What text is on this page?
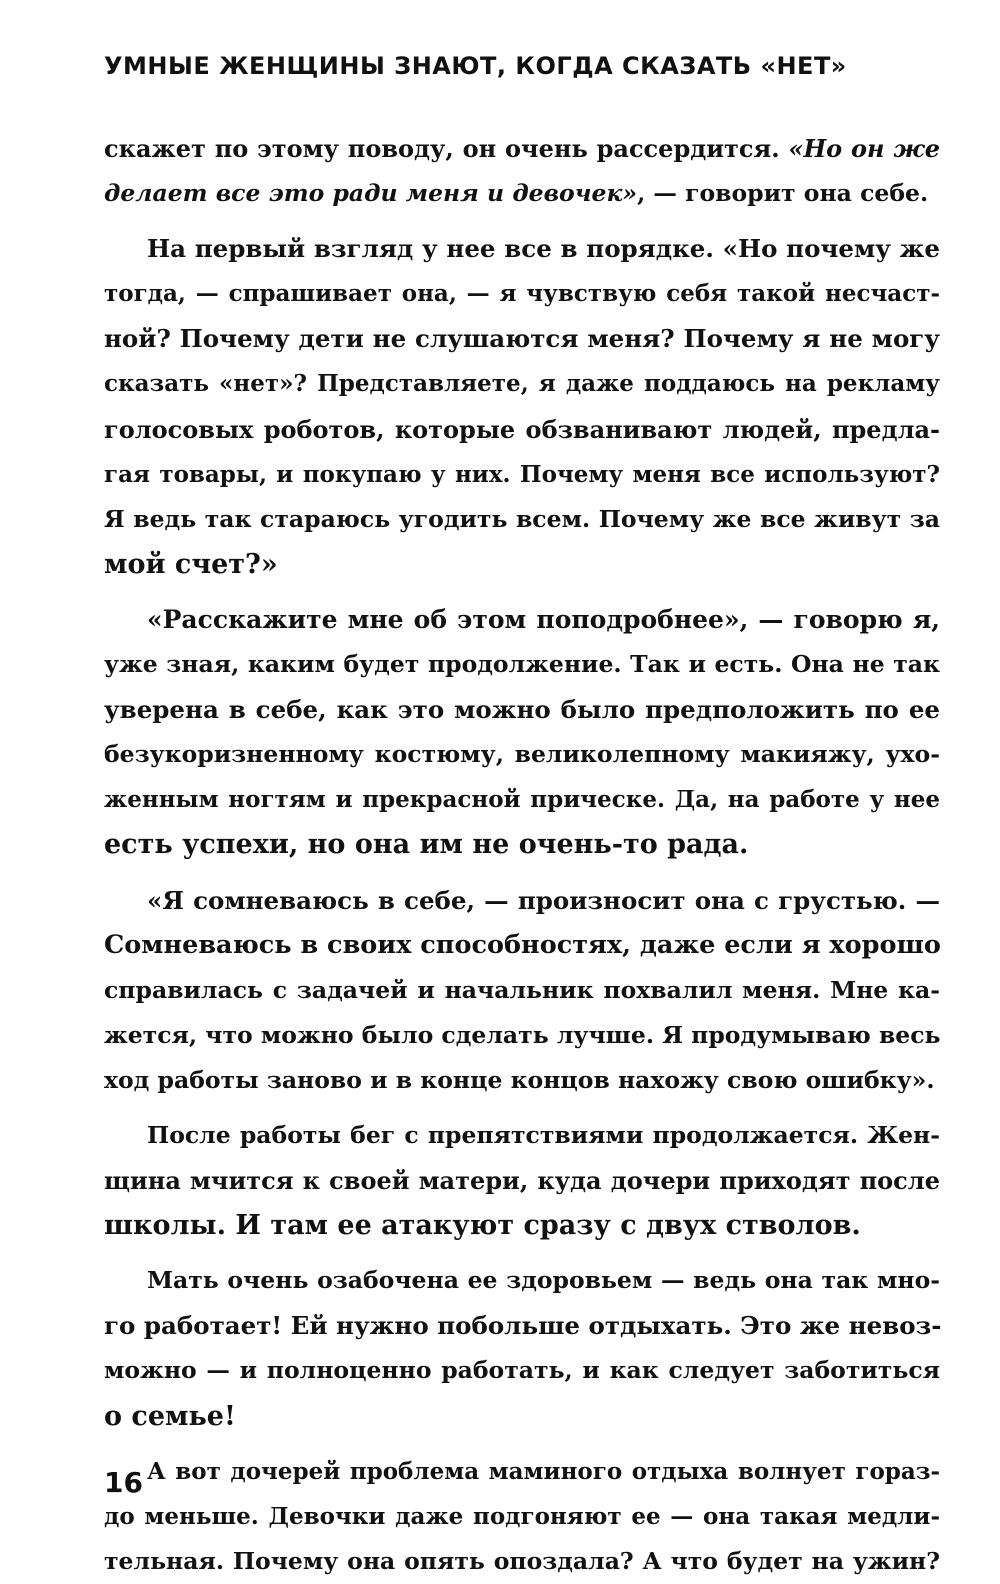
УМНЫЕ ЖЕНЩИНЫ ЗНАЮТ, КОГДА СКАЗАТЬ «НЕТ»
скажет по этому поводу, он очень рассердится. «Но он же
делает все это ради меня и девочек», — говорит она себе.
На первый взгляд у нее все в порядке. «Но почему же
тогда, — спрашивает она, — я чувствую себя такой несчаст-
ной? Почему дети не слушаются меня? Почему я не могу
сказать «нет»? Представляете, я даже поддаюсь на рекламу
голосовых роботов, которые обзванивают людей, предла-
гая товары, и покупаю у них. Почему меня все используют?
Я ведь так стараюсь угодить всем. Почему же все живут за
мой счет?»
«Расскажите мне об этом поподробнее», — говорю я,
уже зная, каким будет продолжение. Так и есть. Она не так
уверена в себе, как это можно было предположить по ее
безукоризненному костюму, великолепному макияжу, ухо-
женным ногтям и прекрасной прическе. Да, на работе у нее
есть успехи, но она им не очень-то рада.
«Я сомневаюсь в себе, — произносит она с грустью. —
Сомневаюсь в своих способностях, даже если я хорошо
справилась с задачей и начальник похвалил меня. Мне ка-
жется, что можно было сделать лучше. Я продумываю весь
ход работы заново и в конце концов нахожу свою ошибку».
После работы бег с препятствиями продолжается. Жен-
щина мчится к своей матери, куда дочери приходят после
школы. И там ее атакуют сразу с двух стволов.
Мать очень озабочена ее здоровьем — ведь она так мно-
го работает! Ей нужно побольше отдыхать. Это же невоз-
можно — и полноценно работать, и как следует заботиться
о семье!
А вот дочерей проблема маминого отдыха волнует гораз-
до меньше. Девочки даже подгоняют ее — она такая медли-
тельная. Почему она опять опоздала? А что будет на ужин?
16
